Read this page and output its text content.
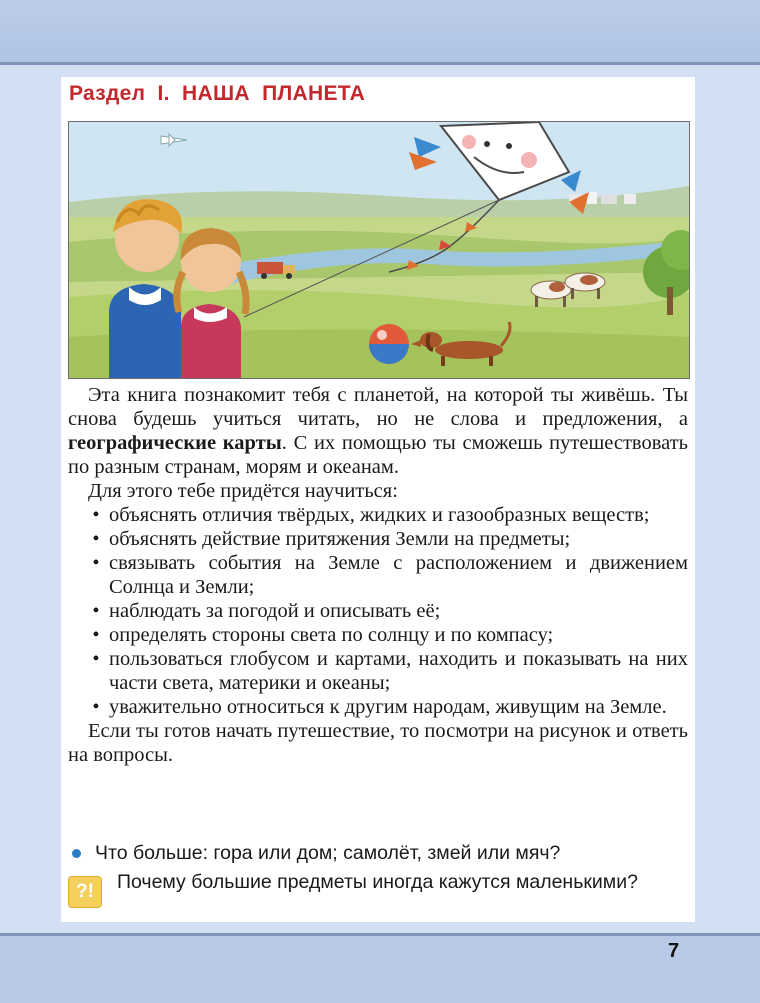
Раздел  I.  НАША  ПЛАНЕТА

Эта книга познакомит тебя с планетой, на которой ты живёшь. Ты снова будешь учиться читать, но не слова и предложения, а географические карты. С их помощью ты сможешь путешествовать по разным странам, морям и океанам.

Для этого тебе придётся научиться:

• объяснять отличия твёрдых, жидких и газообразных веществ;
• объяснять действие притяжения Земли на предметы;
• связывать события на Земле с расположением и движением Солнца и Земли;
• наблюдать за погодой и описывать её;
• определять стороны света по солнцу и по компасу;
• пользоваться глобусом и картами, находить и показывать на них части света, материки и океаны;
• уважительно относиться к другим народам, живущим на Земле.

Если ты готов начать путешествие, то посмотри на рисунок и ответь на вопросы.

Что больше: гора или дом; самолёт, змей или мяч?
?!	Почему большие предметы иногда кажутся маленькими?
7
